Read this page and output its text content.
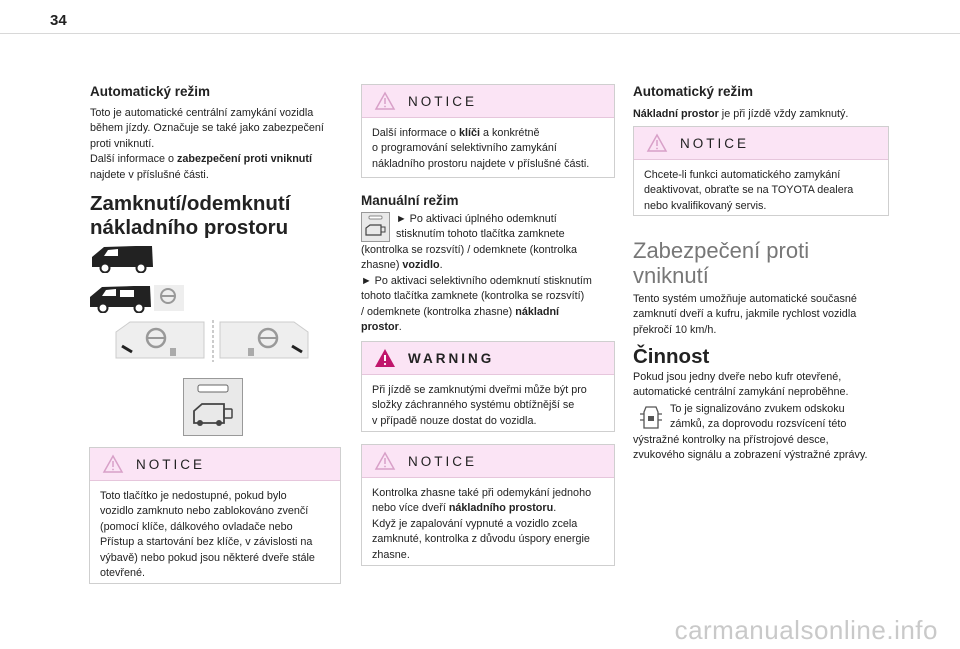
34
Automatický režim
Toto je automatické centrální zamykání vozidla
během jízdy. Označuje se také jako zabezpečení
proti vniknutí.
Další informace o zabezpečení proti vniknutí
najdete v příslušné části.
Zamknutí/odemknutí
nákladního prostoru
NOTICE
Toto tlačítko je nedostupné, pokud bylo
vozidlo zamknuto nebo zablokováno zvenčí
(pomocí klíče, dálkového ovladače nebo
Přístup a startování bez klíče, v závislosti na
výbavě) nebo pokud jsou některé dveře stále
otevřené.
NOTICE
Další informace o klíči a konkrétně
o programování selektivního zamykání
nákladního prostoru najdete v příslušné části.
Manuální režim
► Po aktivaci úplného odemknutí
stisknutím tohoto tlačítka zamknete
(kontrolka se rozsvítí) / odemknete (kontrolka
zhasne) vozidlo.
► Po aktivaci selektivního odemknutí stisknutím
tohoto tlačítka zamknete (kontrolka se rozsvítí)
/ odemknete (kontrolka zhasne) nákladní
prostor.
WARNING
Při jízdě se zamknutými dveřmi může být pro
složky záchranného systému obtížnější se
v případě nouze dostat do vozidla.
NOTICE
Kontrolka zhasne také při odemykání jednoho
nebo více dveří nákladního prostoru.
Když je zapalování vypnuté a vozidlo zcela
zamknuté, kontrolka z důvodu úspory energie
zhasne.
Automatický režim
Nákladní prostor je při jízdě vždy zamknutý.
NOTICE
Chcete-li funkci automatického zamykání
deaktivovat, obraťte se na TOYOTA dealera
nebo kvalifikovaný servis.
Zabezpečení proti
vniknutí
Tento systém umožňuje automatické současné
zamknutí dveří a kufru, jakmile rychlost vozidla
překročí 10 km/h.
Činnost
Pokud jsou jedny dveře nebo kufr otevřené,
automatické centrální zamykání neproběhne.
To je signalizováno zvukem odskoku
zámků, za doprovodu rozsvícení této
výstražné kontrolky na přístrojové desce,
zvukového signálu a zobrazení výstražné zprávy.
carmanualsonline.info
